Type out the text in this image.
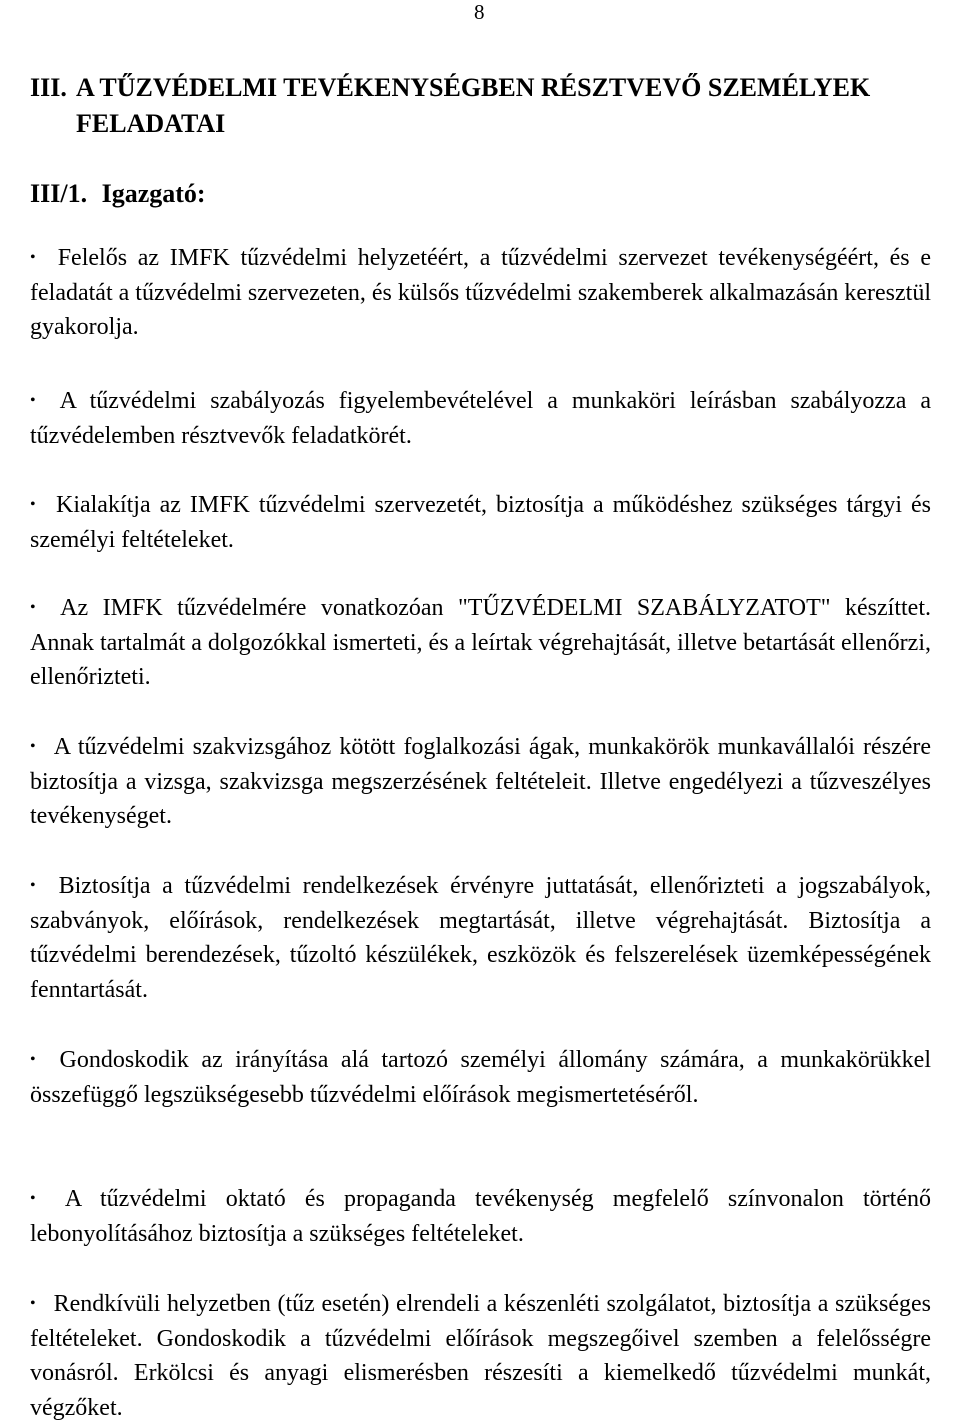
8
III. A TŰZVÉDELMI TEVÉKENYSÉGBEN RÉSZTVEVŐ SZEMÉLYEK FELADATAI
III/1. Igazgató:
• Felelős az IMFK tűzvédelmi helyzetéért, a tűzvédelmi szervezet tevékenységéért, és e feladatát a tűzvédelmi szervezeten, és külsős tűzvédelmi szakemberek alkalmazásán keresztül gyakorolja.
• A tűzvédelmi szabályozás figyelembevételével a munkaköri leírásban szabályozza a tűzvédelemben résztvevők feladatkörét.
• Kialakítja az IMFK tűzvédelmi szervezetét, biztosítja a működéshez szükséges tárgyi és személyi feltételeket.
• Az IMFK tűzvédelmére vonatkozóan "TŰZVÉDELMI SZABÁLYZATOT" készíttet. Annak tartalmát a dolgozókkal ismerteti, és a leírtak végrehajtását, illetve betartását ellenőrzi, ellenőrizteti.
• A tűzvédelmi szakvizsgához kötött foglalkozási ágak, munkakörök munkavállalói részére biztosítja a vizsga, szakvizsga megszerzésének feltételeit. Illetve engedélyezi a tűzveszélyes tevékenységet.
• Biztosítja a tűzvédelmi rendelkezések érvényre juttatását, ellenőrizteti a jogszabályok, szabványok, előírások, rendelkezések megtartását, illetve végrehajtását. Biztosítja a tűzvédelmi berendezések, tűzoltó készülékek, eszközök és felszerelések üzemképességének fenntartását.
• Gondoskodik az irányítása alá tartozó személyi állomány számára, a munkakörükkel összefüggő legszükségesebb tűzvédelmi előírások megismertetéséről.
• A tűzvédelmi oktató és propaganda tevékenység megfelelő színvonalon történő lebonyolításához biztosítja a szükséges feltételeket.
• Rendkívüli helyzetben (tűz esetén) elrendeli a készenléti szolgálatot, biztosítja a szükséges feltételeket. Gondoskodik a tűzvédelmi előírások megszegőivel szemben a felelősségre vonásról. Erkölcsi és anyagi elismerésben részesíti a kiemelkedő tűzvédelmi munkát, végzőket.
